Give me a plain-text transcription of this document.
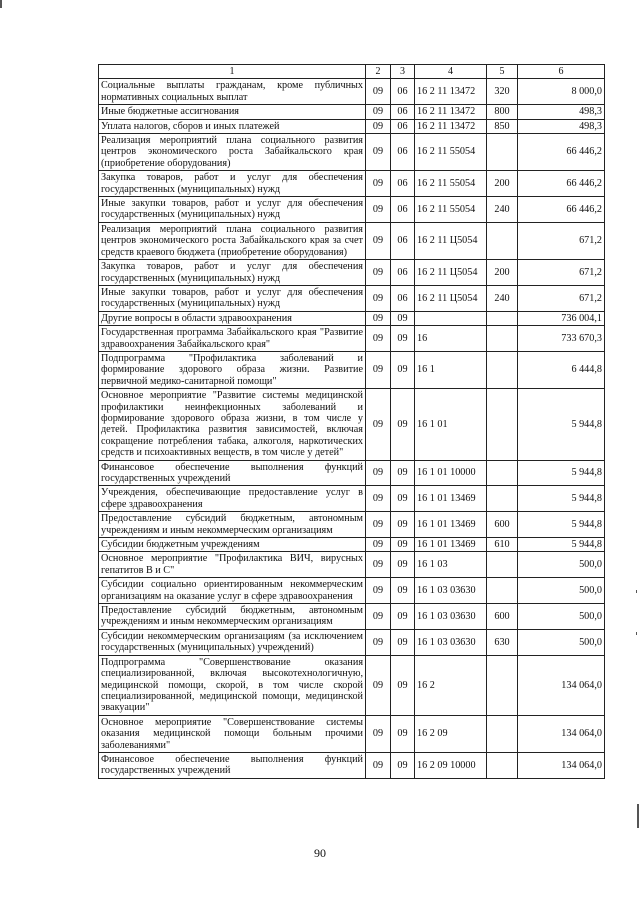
1	2	3	4	5	6
Социальные выплаты гражданам, кроме публичных нормативных социальных выплат	09	06	16 2 11 13472	320	8 000,0
Иные бюджетные ассигнования	09	06	16 2 11 13472	800	498,3
Уплата налогов, сборов и иных платежей	09	06	16 2 11 13472	850	498,3
Реализация мероприятий плана социального развития центров экономического роста Забайкальского края (приобретение оборудования)	09	06	16 2 11 55054		66 446,2
Закупка товаров, работ и услуг для обеспечения государственных (муниципальных) нужд	09	06	16 2 11 55054	200	66 446,2
Иные закупки товаров, работ и услуг для обеспечения государственных (муниципальных) нужд	09	06	16 2 11 55054	240	66 446,2
Реализация мероприятий плана социального развития центров экономического роста Забайкальского края за счет средств краевого бюджета (приобретение оборудования)	09	06	16 2 11 Ц5054		671,2
Закупка товаров, работ и услуг для обеспечения государственных (муниципальных) нужд	09	06	16 2 11 Ц5054	200	671,2
Иные закупки товаров, работ и услуг для обеспечения государственных (муниципальных) нужд	09	06	16 2 11 Ц5054	240	671,2
Другие вопросы в области здравоохранения	09	09			736 004,1
Государственная программа Забайкальского края "Развитие здравоохранения Забайкальского края"	09	09	16		733 670,3
Подпрограмма "Профилактика заболеваний и формирование здорового образа жизни. Развитие первичной медико-санитарной помощи"	09	09	16 1		6 444,8
Основное мероприятие "Развитие системы медицинской профилактики неинфекционных заболеваний и формирование здорового образа жизни, в том числе у детей. Профилактика развития зависимостей, включая сокращение потребления табака, алкоголя, наркотических средств и психоактивных веществ, в том числе у детей"	09	09	16 1 01		5 944,8
Финансовое обеспечение выполнения функций государственных учреждений	09	09	16 1 01 10000		5 944,8
Учреждения, обеспечивающие предоставление услуг в сфере здравоохранения	09	09	16 1 01 13469		5 944,8
Предоставление субсидий бюджетным, автономным учреждениям и иным некоммерческим организациям	09	09	16 1 01 13469	600	5 944,8
Субсидии бюджетным учреждениям	09	09	16 1 01 13469	610	5 944,8
Основное мероприятие "Профилактика ВИЧ, вирусных гепатитов В и С"	09	09	16 1 03		500,0
Субсидии социально ориентированным некоммерческим организациям на оказание услуг в сфере здравоохранения	09	09	16 1 03 03630		500,0
Предоставление субсидий бюджетным, автономным учреждениям и иным некоммерческим организациям	09	09	16 1 03 03630	600	500,0
Субсидии некоммерческим организациям (за исключением государственных (муниципальных) учреждений)	09	09	16 1 03 03630	630	500,0
Подпрограмма "Совершенствование оказания специализированной, включая высокотехнологичную, медицинской помощи, скорой, в том числе скорой специализированной, медицинской помощи, медицинской эвакуации"	09	09	16 2		134 064,0
Основное мероприятие "Совершенствование системы оказания медицинской помощи больным прочими заболеваниями"	09	09	16 2 09		134 064,0
Финансовое обеспечение выполнения функций государственных учреждений	09	09	16 2 09 10000		134 064,0
90
